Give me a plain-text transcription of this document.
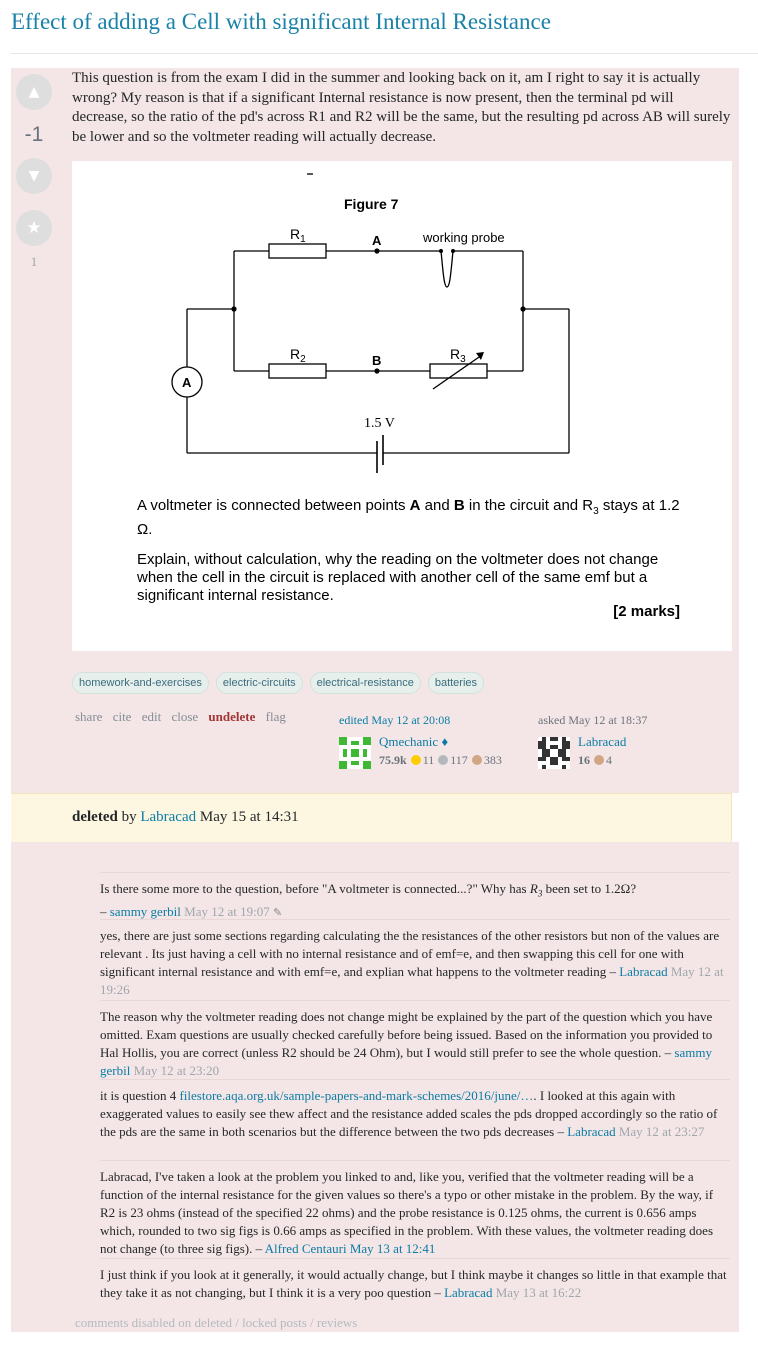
Effect of adding a Cell with significant Internal Resistance
▲
-1
▼
★
1
This question is from the exam I did in the summer and looking back on it, am I right to say it is actually wrong? My reason is that if a significant Internal resistance is now present, then the terminal pd will decrease, so the ratio of the pd's across R1 and R2 will be the same, but the resulting pd across AB will surely be lower and so the voltmeter reading will actually decrease.
Figure 7
$R_1$	A	working probe
$R_2$	B	$R_3$
A
1.5 V
A voltmeter is connected between points A and B in the circuit and $R_3$ stays at 1.2 Ω.
Explain, without calculation, why the reading on the voltmeter does not change when the cell in the circuit is replaced with another cell of the same emf but a significant internal resistance.
[2 marks]
homework-and-exercises electric-circuits electrical-resistance batteries
share cite edit close undelete flag	edited May 12 at 20:08
Qmechanic ♦
75.9k 11 117 383
asked May 12 at 18:37
Labracad
16 4
deleted by Labracad May 15 at 14:31
Is there some more to the question, before "A voltmeter is connected...?" Why has $R_3$ been set to 1.2Ω?
– sammy gerbil May 12 at 19:07 ✎
yes, there are just some sections regarding calculating the the resistances of the other resistors but non of the values are relevant . Its just having a cell with no internal resistance and of emf=e, and then swapping this cell for one with significant internal resistance and with emf=e, and explian what happens to the voltmeter reading – Labracad May 12 at 19:26
The reason why the voltmeter reading does not change might be explained by the part of the question which you have omitted. Exam questions are usually checked carefully before being issued. Based on the information you provided to Hal Hollis, you are correct (unless R2 should be 24 Ohm), but I would still prefer to see the whole question. – sammy gerbil May 12 at 23:20
it is question 4 filestore.aqa.org.uk/sample-papers-and-mark-schemes/2016/june/…. I looked at this again with exaggerated values to easily see thew affect and the resistance added scales the pds dropped accordingly so the ratio of the pds are the same in both scenarios but the difference between the two pds decreases – Labracad May 12 at 23:27
Labracad, I've taken a look at the problem you linked to and, like you, verified that the voltmeter reading will be a function of the internal resistance for the given values so there's a typo or other mistake in the problem. By the way, if R2 is 23 ohms (instead of the specified 22 ohms) and the probe resistance is 0.125 ohms, the current is 0.656 amps which, rounded to two sig figs is 0.66 amps as specified in the problem. With these values, the voltmeter reading does not change (to three sig figs). – Alfred Centauri May 13 at 12:41
I just think if you look at it generally, it would actually change, but I think maybe it changes so little in that example that they take it as not changing, but I think it is a very poo question – Labracad May 13 at 16:22
comments disabled on deleted / locked posts / reviews
